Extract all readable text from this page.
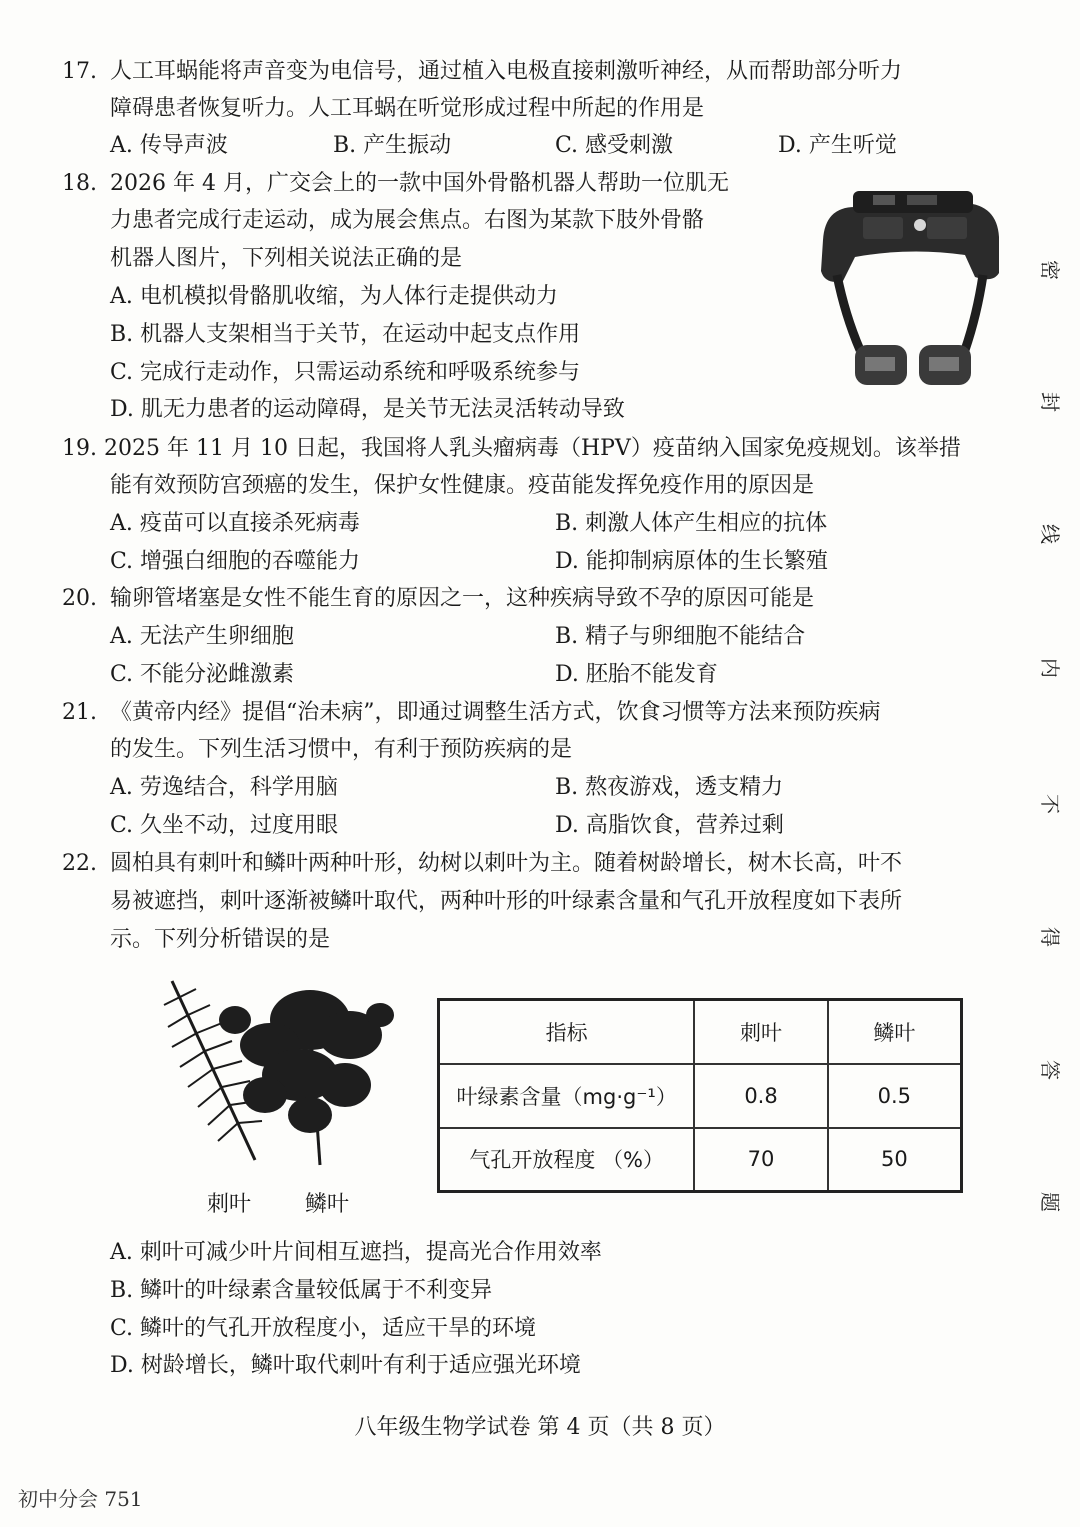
17. 人工耳蜗能将声音变为电信号，通过植入电极直接刺激听神经，从而帮助部分听力
障碍患者恢复听力。人工耳蜗在听觉形成过程中所起的作用是
A. 传导声波	B. 产生振动	C. 感受刺激	D. 产生听觉
18. 2026 年 4 月，广交会上的一款中国外骨骼机器人帮助一位肌无
力患者完成行走运动，成为展会焦点。右图为某款下肢外骨骼
机器人图片，下列相关说法正确的是
A. 电机模拟骨骼肌收缩，为人体行走提供动力
B. 机器人支架相当于关节，在运动中起支点作用
C. 完成行走动作，只需运动系统和呼吸系统参与
D. 肌无力患者的运动障碍，是关节无法灵活转动导致
19. 2025 年 11 月 10 日起，我国将人乳头瘤病毒（HPV）疫苗纳入国家免疫规划。该举措
能有效预防宫颈癌的发生，保护女性健康。疫苗能发挥免疫作用的原因是
A. 疫苗可以直接杀死病毒	B. 刺激人体产生相应的抗体
C. 增强白细胞的吞噬能力	D. 能抑制病原体的生长繁殖
20. 输卵管堵塞是女性不能生育的原因之一，这种疾病导致不孕的原因可能是
A. 无法产生卵细胞	B. 精子与卵细胞不能结合
C. 不能分泌雌激素	D. 胚胎不能发育
21. 《黄帝内经》提倡“治未病”，即通过调整生活方式，饮食习惯等方法来预防疾病
的发生。下列生活习惯中，有利于预防疾病的是
A. 劳逸结合，科学用脑	B. 熬夜游戏，透支精力
C. 久坐不动，过度用眼	D. 高脂饮食，营养过剩
22. 圆柏具有刺叶和鳞叶两种叶形，幼树以刺叶为主。随着树龄增长，树木长高，叶不
易被遮挡，刺叶逐渐被鳞叶取代，两种叶形的叶绿素含量和气孔开放程度如下表所
示。下列分析错误的是
刺叶 鳞叶
指标	刺叶	鳞叶
叶绿素含量（mg·g⁻¹）	0.8	0.5
气孔开放程度 （%）	70	50
A. 刺叶可减少叶片间相互遮挡，提高光合作用效率
B. 鳞叶的叶绿素含量较低属于不利变异
C. 鳞叶的气孔开放程度小，适应干旱的环境
D. 树龄增长，鳞叶取代刺叶有利于适应强光环境
密
封
线
内
不
得
答
题
八年级生物学试卷 第 4 页（共 8 页）
初中分会 751
